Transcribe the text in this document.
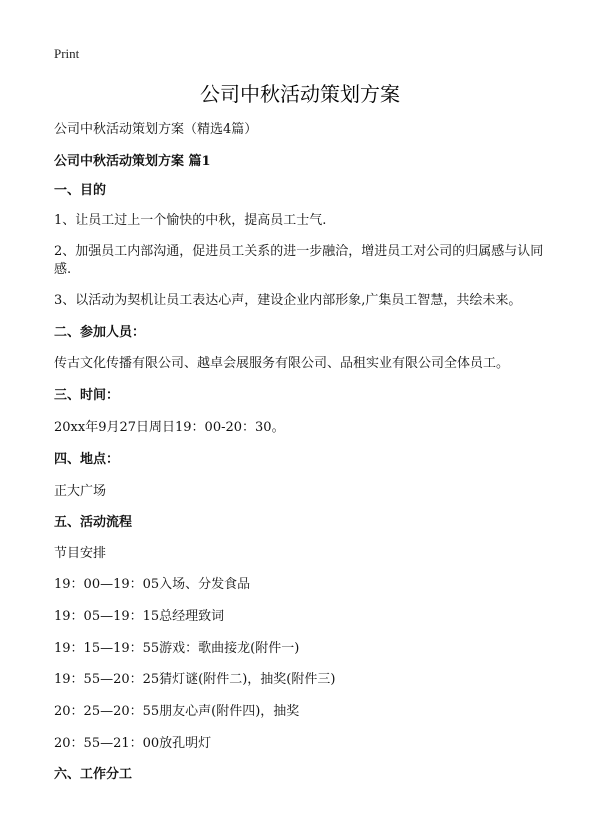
Print
公司中秋活动策划方案
公司中秋活动策划方案（精选4篇）
公司中秋活动策划方案 篇1
一、目的
1、让员工过上一个愉快的中秋，提高员工士气.
2、加强员工内部沟通，促进员工关系的进一步融洽，增进员工对公司的归属感与认同感.
3、以活动为契机让员工表达心声，建设企业内部形象,广集员工智慧，共绘未来。
二、参加人员：
传古文化传播有限公司、越卓会展服务有限公司、品租实业有限公司全体员工。
三、时间：
20xx年9月27日周日19：00-20：30。
四、地点：
正大广场
五、活动流程
节目安排
19：00—19：05入场、分发食品
19：05—19：15总经理致词
19：15—19：55游戏：歌曲接龙(附件一)
19：55—20：25猜灯谜(附件二)，抽奖(附件三)
20：25—20：55朋友心声(附件四)，抽奖
20：55—21：00放孔明灯
六、工作分工
